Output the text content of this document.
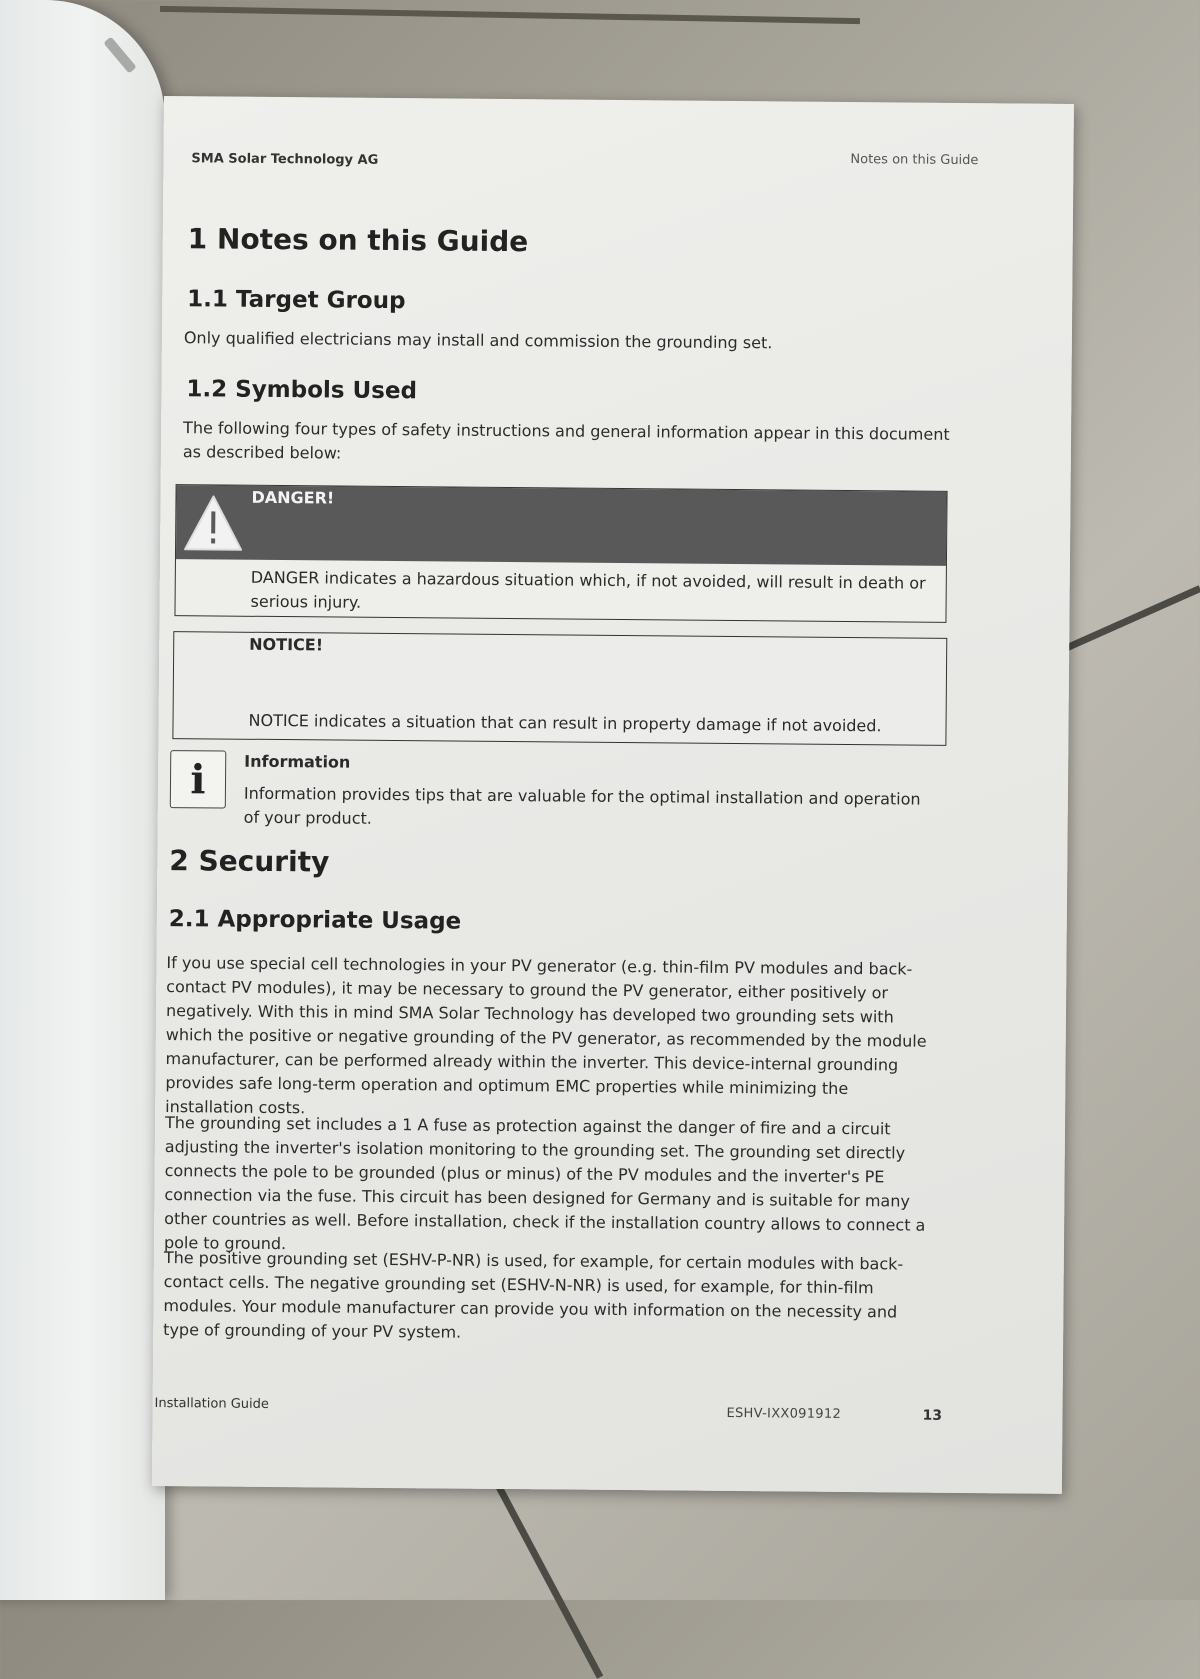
SMA Solar Technology AG	Notes on this Guide
1 Notes on this Guide
1.1 Target Group
Only qualified electricians may install and commission the grounding set.
1.2 Symbols Used
The following four types of safety instructions and general information appear in this document as described below:
DANGER!
DANGER indicates a hazardous situation which, if not avoided, will result in death or serious injury.
NOTICE!
NOTICE indicates a situation that can result in property damage if not avoided.
i	Information
Information provides tips that are valuable for the optimal installation and operation of your product.
2 Security
2.1 Appropriate Usage
If you use special cell technologies in your PV generator (e.g. thin-film PV modules and back-contact PV modules), it may be necessary to ground the PV generator, either positively or negatively. With this in mind SMA Solar Technology has developed two grounding sets with which the positive or negative grounding of the PV generator, as recommended by the module manufacturer, can be performed already within the inverter. This device-internal grounding provides safe long-term operation and optimum EMC properties while minimizing the installation costs.
The grounding set includes a 1 A fuse as protection against the danger of fire and a circuit adjusting the inverter's isolation monitoring to the grounding set. The grounding set directly connects the pole to be grounded (plus or minus) of the PV modules and the inverter's PE connection via the fuse. This circuit has been designed for Germany and is suitable for many other countries as well. Before installation, check if the installation country allows to connect a pole to ground.
The positive grounding set (ESHV-P-NR) is used, for example, for certain modules with back-contact cells. The negative grounding set (ESHV-N-NR) is used, for example, for thin-film modules. Your module manufacturer can provide you with information on the necessity and type of grounding of your PV system.
Installation Guide
ESHV-IXX091912	13
